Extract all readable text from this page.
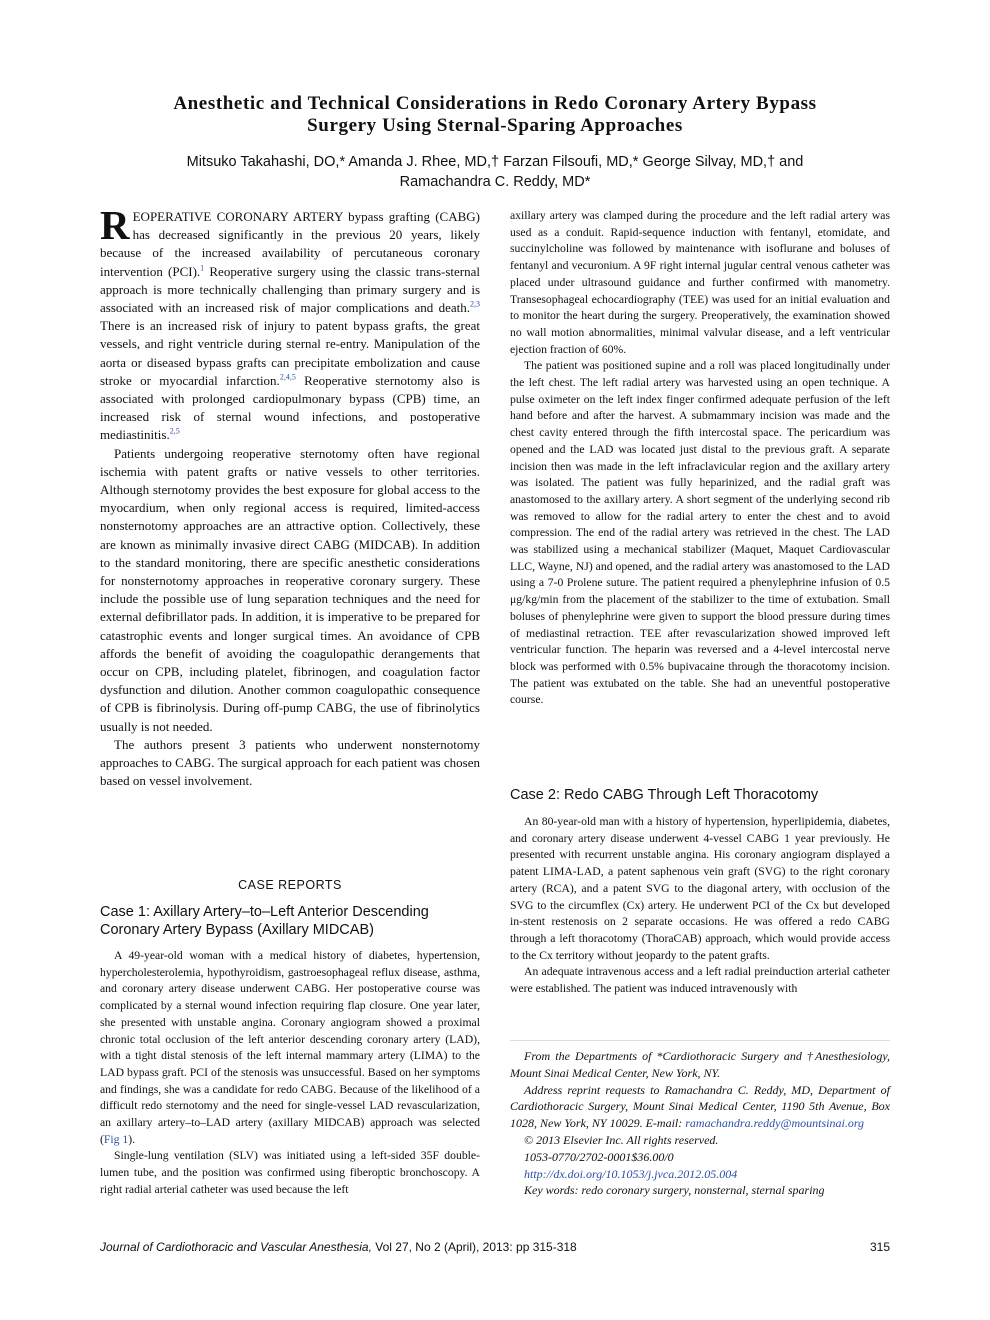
Anesthetic and Technical Considerations in Redo Coronary Artery Bypass
Surgery Using Sternal-Sparing Approaches
Mitsuko Takahashi, DO,* Amanda J. Rhee, MD,† Farzan Filsoufi, MD,* George Silvay, MD,† and
Ramachandra C. Reddy, MD*

REOPERATIVE CORONARY ARTERY bypass grafting (CABG) has decreased significantly in the previous 20 years, likely because of the increased availability of percutaneous coronary intervention (PCI).$^1$ Reoperative surgery using the classic trans-sternal approach is more technically challenging than primary surgery and is associated with an increased risk of major complications and death.$^{2,3}$ There is an increased risk of injury to patent bypass grafts, the great vessels, and right ventricle during sternal re-entry. Manipulation of the aorta or diseased bypass grafts can precipitate embolization and cause stroke or myocardial infarction.$^{2,4,5}$ Reoperative sternotomy also is associated with prolonged cardiopulmonary bypass (CPB) time, an increased risk of sternal wound infections, and postoperative mediastinitis.$^{2,5}$

Patients undergoing reoperative sternotomy often have regional ischemia with patent grafts or native vessels to other territories. Although sternotomy provides the best exposure for global access to the myocardium, when only regional access is required, limited-access nonsternotomy approaches are an attractive option. Collectively, these are known as minimally invasive direct CABG (MIDCAB). In addition to the standard monitoring, there are specific anesthetic considerations for nonsternotomy approaches in reoperative coronary surgery. These include the possible use of lung separation techniques and the need for external defibrillator pads. In addition, it is imperative to be prepared for catastrophic events and longer surgical times. An avoidance of CPB affords the benefit of avoiding the coagulopathic derangements that occur on CPB, including platelet, fibrinogen, and coagulation factor dysfunction and dilution. Another common coagulopathic consequence of CPB is fibrinolysis. During off-pump CABG, the use of fibrinolytics usually is not needed.

The authors present 3 patients who underwent nonsternotomy approaches to CABG. The surgical approach for each patient was chosen based on vessel involvement.

CASE REPORTS
Case 1: Axillary Artery–to–Left Anterior Descending
Coronary Artery Bypass (Axillary MIDCAB)

A 49-year-old woman with a medical history of diabetes, hypertension, hypercholesterolemia, hypothyroidism, gastroesophageal reflux disease, asthma, and coronary artery disease underwent CABG. Her postoperative course was complicated by a sternal wound infection requiring flap closure. One year later, she presented with unstable angina. Coronary angiogram showed a proximal chronic total occlusion of the left anterior descending coronary artery (LAD), with a tight distal stenosis of the left internal mammary artery (LIMA) to the LAD bypass graft. PCI of the stenosis was unsuccessful. Based on her symptoms and findings, she was a candidate for redo CABG. Because of the likelihood of a difficult redo sternotomy and the need for single-vessel LAD revascularization, an axillary artery–to–LAD artery (axillary MIDCAB) approach was selected (Fig 1).

Single-lung ventilation (SLV) was initiated using a left-sided 35F double-lumen tube, and the position was confirmed using fiberoptic bronchoscopy. A right radial arterial catheter was used because the left

axillary artery was clamped during the procedure and the left radial artery was used as a conduit. Rapid-sequence induction with fentanyl, etomidate, and succinylcholine was followed by maintenance with isoflurane and boluses of fentanyl and vecuronium. A 9F right internal jugular central venous catheter was placed under ultrasound guidance and further confirmed with manometry. Transesophageal echocardiography (TEE) was used for an initial evaluation and to monitor the heart during the surgery. Preoperatively, the examination showed no wall motion abnormalities, minimal valvular disease, and a left ventricular ejection fraction of 60%.

The patient was positioned supine and a roll was placed longitudinally under the left chest. The left radial artery was harvested using an open technique. A pulse oximeter on the left index finger confirmed adequate perfusion of the left hand before and after the harvest. A submammary incision was made and the chest cavity entered through the fifth intercostal space. The pericardium was opened and the LAD was located just distal to the previous graft. A separate incision then was made in the left infraclavicular region and the axillary artery was isolated. The patient was fully heparinized, and the radial graft was anastomosed to the axillary artery. A short segment of the underlying second rib was removed to allow for the radial artery to enter the chest and to avoid compression. The end of the radial artery was retrieved in the chest. The LAD was stabilized using a mechanical stabilizer (Maquet, Maquet Cardiovascular LLC, Wayne, NJ) and opened, and the radial artery was anastomosed to the LAD using a 7-0 Prolene suture. The patient required a phenylephrine infusion of 0.5 μg/kg/min from the placement of the stabilizer to the time of extubation. Small boluses of phenylephrine were given to support the blood pressure during times of mediastinal retraction. TEE after revascularization showed improved left ventricular function. The heparin was reversed and a 4-level intercostal nerve block was performed with 0.5% bupivacaine through the thoracotomy incision. The patient was extubated on the table. She had an uneventful postoperative course.

Case 2: Redo CABG Through Left Thoracotomy

An 80-year-old man with a history of hypertension, hyperlipidemia, diabetes, and coronary artery disease underwent 4-vessel CABG 1 year previously. He presented with recurrent unstable angina. His coronary angiogram displayed a patent LIMA-LAD, a patent saphenous vein graft (SVG) to the right coronary artery (RCA), and a patent SVG to the diagonal artery, with occlusion of the SVG to the circumflex (Cx) artery. He underwent PCI of the Cx but developed in-stent restenosis on 2 separate occasions. He was offered a redo CABG through a left thoracotomy (ThoraCAB) approach, which would provide access to the Cx territory without jeopardy to the patent grafts.

An adequate intravenous access and a left radial preinduction arterial catheter were established. The patient was induced intravenously with

From the Departments of *Cardiothoracic Surgery and †Anesthesiology, Mount Sinai Medical Center, New York, NY.

Address reprint requests to Ramachandra C. Reddy, MD, Department of Cardiothoracic Surgery, Mount Sinai Medical Center, 1190 5th Avenue, Box 1028, New York, NY 10029. E-mail: ramachandra.reddy@mountsinai.org

© 2013 Elsevier Inc. All rights reserved.

1053-0770/2702-0001$36.00/0

http://dx.doi.org/10.1053/j.jvca.2012.05.004

Key words: redo coronary surgery, nonsternal, sternal sparing

Journal of Cardiothoracic and Vascular Anesthesia, Vol 27, No 2 (April), 2013: pp 315-318	315
